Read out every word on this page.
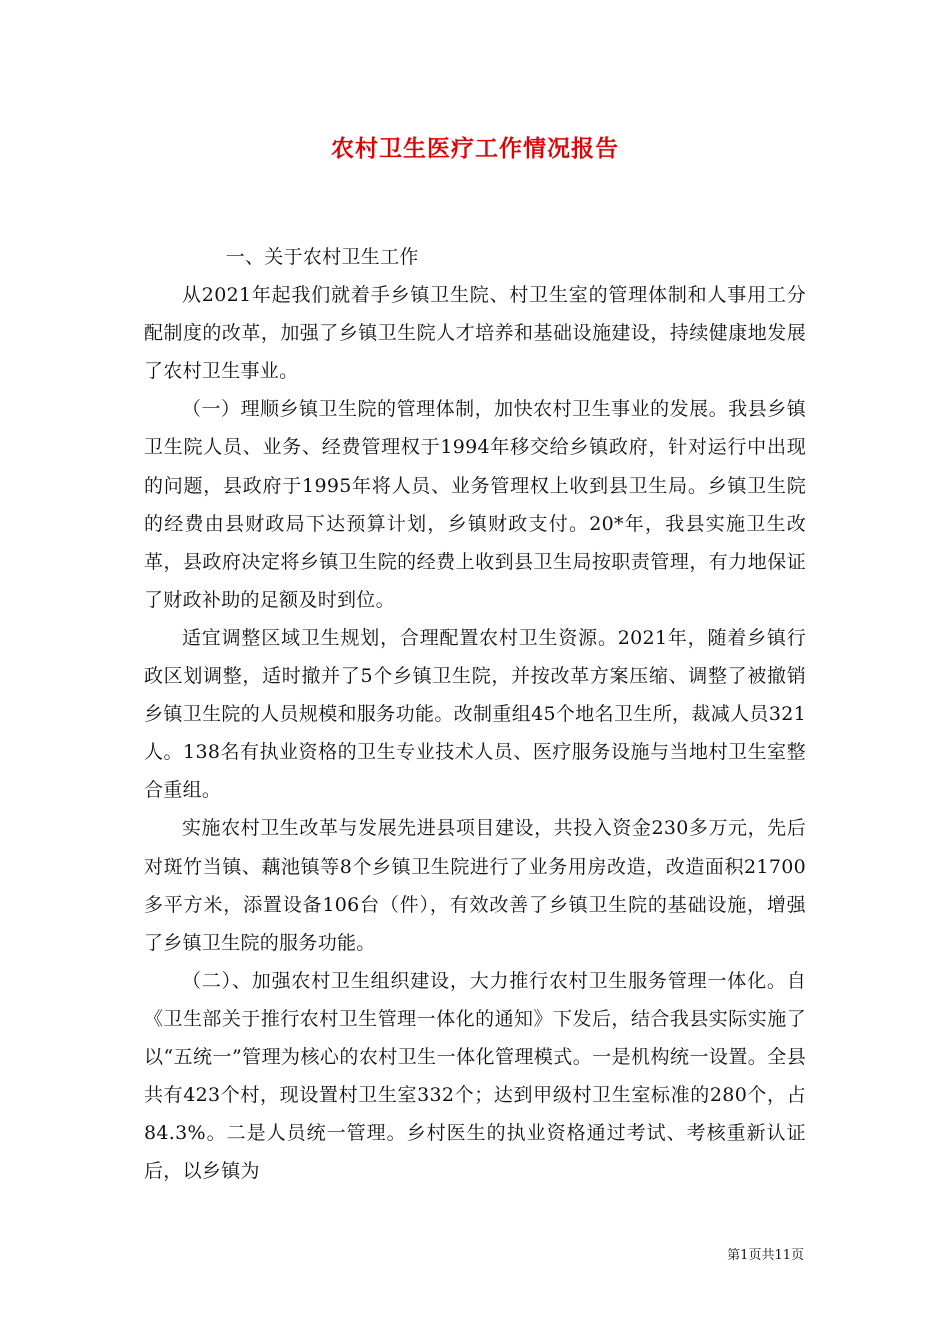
农村卫生医疗工作情况报告

一、关于农村卫生工作

从2021年起我们就着手乡镇卫生院、村卫生室的管理体制和人事用工分配制度的改革，加强了乡镇卫生院人才培养和基础设施建设，持续健康地发展了农村卫生事业。

（一）理顺乡镇卫生院的管理体制，加快农村卫生事业的发展。我县乡镇卫生院人员、业务、经费管理权于1994年移交给乡镇政府，针对运行中出现的问题，县政府于1995年将人员、业务管理权上收到县卫生局。乡镇卫生院的经费由县财政局下达预算计划，乡镇财政支付。20*年，我县实施卫生改革，县政府决定将乡镇卫生院的经费上收到县卫生局按职责管理，有力地保证了财政补助的足额及时到位。

适宜调整区域卫生规划，合理配置农村卫生资源。2021年，随着乡镇行政区划调整，适时撤并了5个乡镇卫生院，并按改革方案压缩、调整了被撤销乡镇卫生院的人员规模和服务功能。改制重组45个地名卫生所，裁减人员321人。138名有执业资格的卫生专业技术人员、医疗服务设施与当地村卫生室整合重组。

实施农村卫生改革与发展先进县项目建设，共投入资金230多万元，先后对斑竹当镇、藕池镇等8个乡镇卫生院进行了业务用房改造，改造面积21700多平方米，添置设备106台（件），有效改善了乡镇卫生院的基础设施，增强了乡镇卫生院的服务功能。

（二）、加强农村卫生组织建设，大力推行农村卫生服务管理一体化。自《卫生部关于推行农村卫生管理一体化的通知》下发后，结合我县实际实施了以“五统一”管理为核心的农村卫生一体化管理模式。一是机构统一设置。全县共有423个村，现设置村卫生室332个；达到甲级村卫生室标准的280个，占84.3%。二是人员统一管理。乡村医生的执业资格通过考试、考核重新认证后，以乡镇为

第1页共11页
